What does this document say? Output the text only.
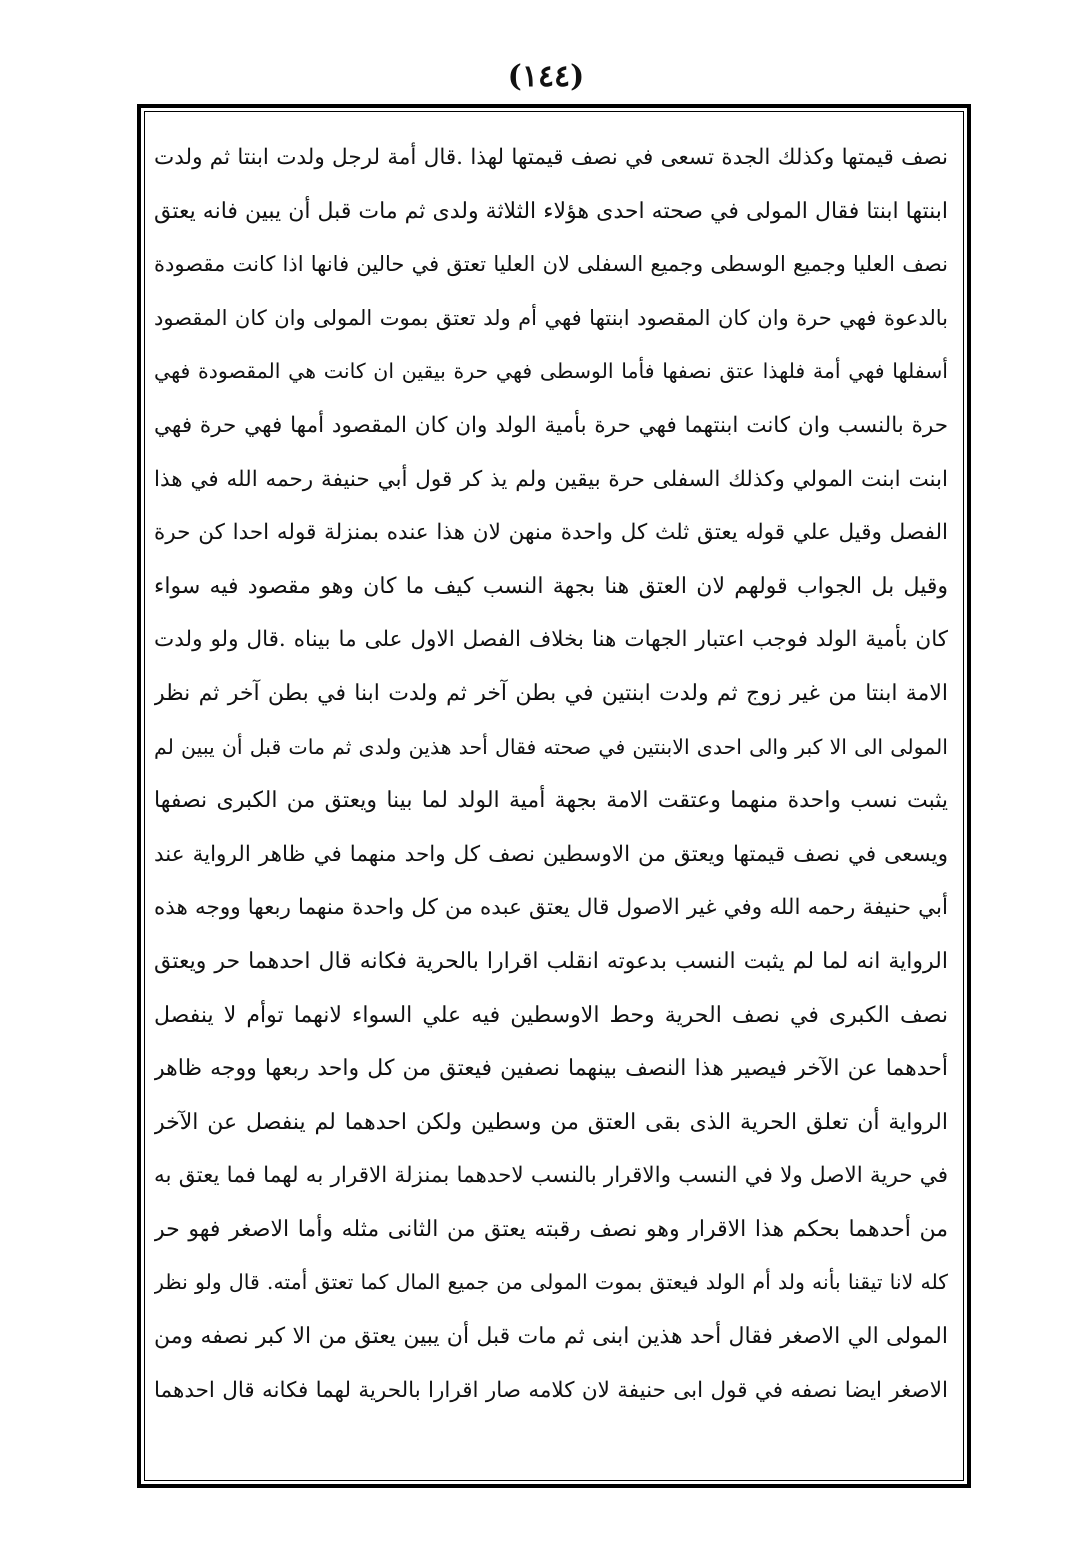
(١٤٤)
نصف قيمتها وكذلك الجدة تسعى في نصف قيمتها لهذا .قال أمة لرجل ولدت ابنتا ثم ولدت
ابنتها ابنتا فقال المولى في صحته احدى هؤلاء الثلاثة ولدى ثم مات قبل أن يبين فانه يعتق
نصف العليا وجميع الوسطى وجميع السفلى لان العليا تعتق في حالين فانها اذا كانت مقصودة
بالدعوة فهي حرة وان كان المقصود ابنتها فهي أم ولد تعتق بموت المولى وان كان المقصود
أسفلها فهي أمة فلهذا عتق نصفها فأما الوسطى فهي حرة بيقين ان كانت هي المقصودة فهي
حرة بالنسب وان كانت ابنتهما فهي حرة بأمية الولد وان كان المقصود أمها فهي حرة فهي
ابنت ابنت المولي وكذلك السفلى حرة بيقين ولم يذ كر قول أبي حنيفة رحمه الله في هذا
الفصل وقيل علي قوله يعتق ثلث كل واحدة منهن لان هذا عنده بمنزلة قوله احدا كن حرة
وقيل بل الجواب قولهم لان العتق هنا بجهة النسب كيف ما كان وهو مقصود فيه سواء
كان بأمية الولد فوجب اعتبار الجهات هنا بخلاف الفصل الاول على ما بيناه .قال ولو ولدت
الامة ابنتا من غير زوج ثم ولدت ابنتين في بطن آخر ثم ولدت ابنا في بطن آخر ثم نظر
المولى الى الا كبر والى احدى الابنتين في صحته فقال أحد هذين ولدى ثم مات قبل أن يبين لم
يثبت نسب واحدة منهما وعتقت الامة بجهة أمية الولد لما بينا ويعتق من الكبرى نصفها
ويسعى في نصف قيمتها ويعتق من الاوسطين نصف كل واحد منهما في ظاهر الرواية عند
أبي حنيفة رحمه الله وفي غير الاصول قال يعتق عبده من كل واحدة منهما ربعها ووجه هذه
الرواية انه لما لم يثبت النسب بدعوته انقلب اقرارا بالحرية فكانه قال احدهما حر ويعتق
نصف الكبرى في نصف الحرية وحط الاوسطين فيه علي السواء لانهما توأم لا ينفصل
أحدهما عن الآخر فيصير هذا النصف بينهما نصفين فيعتق من كل واحد ربعها ووجه ظاهر
الرواية أن تعلق الحرية الذى بقى العتق من وسطين ولكن احدهما لم ينفصل عن الآخر
في حرية الاصل ولا في النسب والاقرار بالنسب لاحدهما بمنزلة الاقرار به لهما فما يعتق به
من أحدهما بحكم هذا الاقرار وهو نصف رقبته يعتق من الثانى مثله وأما الاصغر فهو حر
كله لانا تيقنا بأنه ولد أم الولد فيعتق بموت المولى من جميع المال كما تعتق أمته. قال ولو نظر
المولى الي الاصغر فقال أحد هذين ابنى ثم مات قبل أن يبين يعتق من الا كبر نصفه ومن
الاصغر ايضا نصفه في قول ابى حنيفة لان كلامه صار اقرارا بالحرية لهما فكانه قال احدهما
